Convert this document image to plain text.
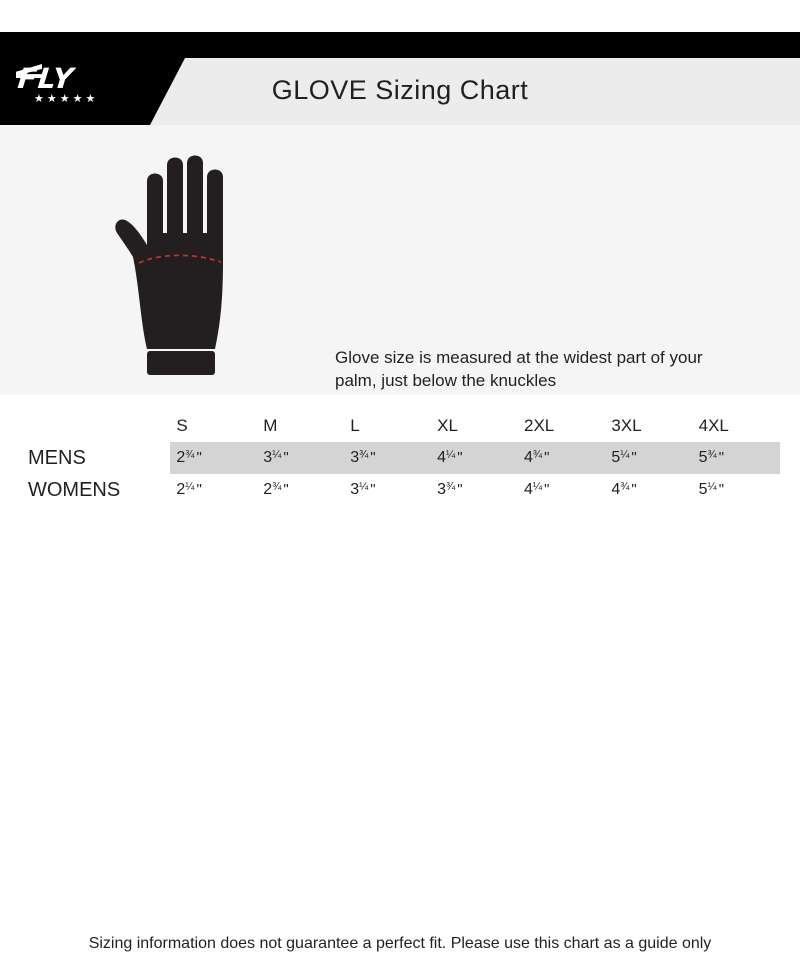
FLY
★★★★★	GLOVE Sizing Chart
Glove size is measured at the widest part of your palm, just below the knuckles
	S	M	L	XL	2XL	3XL	4XL
MENS	$2^{\frac{3}{4}}$ "	$3^{\frac{1}{4}}$ "	$3^{\frac{3}{4}}$ "	$4^{\frac{1}{4}}$ "	$4^{\frac{3}{4}}$ "	$5^{\frac{1}{4}}$ "	$5^{\frac{3}{4}}$ "
WOMENS	$2^{\frac{1}{4}}$ "	$2^{\frac{3}{4}}$ "	$3^{\frac{1}{4}}$ "	$3^{\frac{3}{4}}$ "	$4^{\frac{1}{4}}$ "	$4^{\frac{3}{4}}$ "	$5^{\frac{1}{4}}$ "
Sizing information does not guarantee a perfect fit. Please use this chart as a guide only
